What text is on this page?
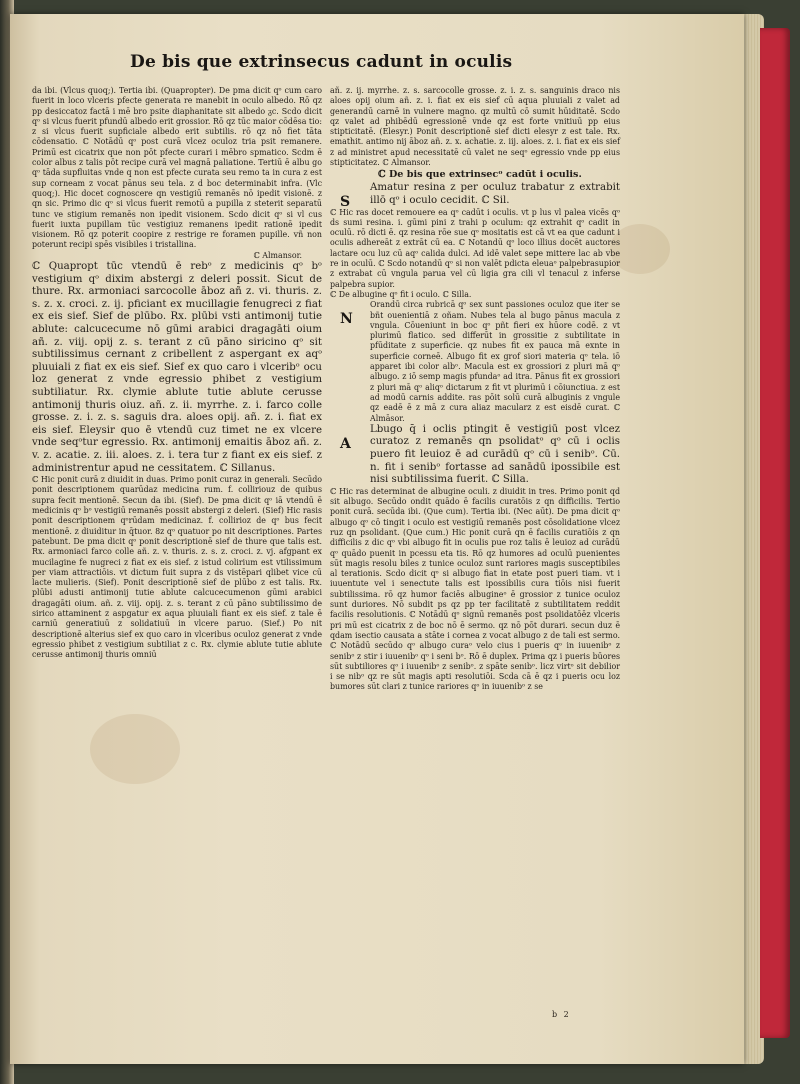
De bis que extrinsecus cadunt in oculis

da ibi. (Vlcus quoq;). Tertia ibi. (Quapropter). De pma dicit qᵒ cum caro fuerit in loco vlceris pfecte generata re manebit in oculo albedo. Rō qz pp desiccatoz factā i mē bro psite diaphanitate sit albedo ᵹc. Scdo dicit qᵒ si vlcus fuerit pfundū albedo erit grossior. Rō qz tūc maior cōdēsa tio: z si vlcus fuerit supficiale albedo erit subtilis. rō qz nō fiet tāta cōdensatio. ℂ Notādū qᵒ post curā vlcez oculoz tria psit remanere. Primū est cicatrix que non pōt pfecte curari i mēbro spmatico. Scdm ē color albus z talis pōt recipe curā vel magnā paliatione. Tertiū ē albu go qᵒ tāda supfluitas vnde q non est pfecte curata seu remo ta in cura z est sup corneam z vocat pānus seu tela. z d boc determinabit infra. (Vlc quoq;). Hic docet cognoscere qn vestigiū remanēs nō ipedit visionē. z qn sic. Primo dic qᵒ si vlcus fuerit remotū a pupilla z steterit separatū tunc ve stigium remanēs non ipedit visionem. Scdo dicit qᵒ si vl cus fuerit iuxta pupillam tūc vestigiuz remanens ipedit rationē ipedit visionem. Rō qz poterit coopire z restrige re foramen pupille. vñ non poterunt recipi spēs visibiles i tristallina.

ℂ Almansor.

ℂ Quapropt tūc vtendū ē rebᵒ z medicinis qᵒ bᵒ vestigium qᵒ dixim abstergi z deleri possit. Sicut de thure. Rx. armoniaci sarcocolle āboz añ z. vi. thuris. z. s. z. x. croci. z. ij. pficiant ex mucillagie fenugreci z fiat ex eis sief. Sief de plūbo. Rx. plūbi vsti antimonij tutie ablute: calcucecume nō gūmi arabici dragagāti oium añ. z. viij. opij z. s. terant z cū pāno siricino qᵒ sit subtilissimus cernant z cribellent z aspergant ex aqᵒ pluuiali z fiat ex eis sief. Sief ex quo caro i vlceribᵒ ocu loz generat z vnde egressio phibet z vestigium subtiliatur. Rx. clymie ablute tutie ablute cerusse antimonij thuris oiuz. añ. z. ii. myrrhe. z. i. farco colle grosse. z. i. z. s. saguis dra. aloes opij. añ. z. i. fiat ex eis sief. Eleysir quo ē vtendū cuz timet ne ex vlcere vnde seqᵒtur egressio. Rx. antimonij emaitis āboz añ. z. v. z. acatie. z. iii. aloes. z. i. tera tur z fiant ex eis sief. z administrentur apud ne cessitatem. ℂ Sillanus.

ℂ Hic ponit curā z diuidit in duas. Primo ponit curaz in generali. Secūdo ponit descriptionem quarūdaz medicina rum. f. colliriouz de quibus supra fecit mentionē. Secun da ibi. (Sief). De pma dicit qᵒ iā vtendū ē medicinis qᵒ bᵒ vestigiū remanēs possit abstergi z deleri. (Sief) Hic rasis ponit descriptionem qᵒrūdam medicinaz. f. collirioz de qᵒ bus fecit mentionē. z diuiditur in q̄tuor. 8z qᵒ quatuor po nit descriptiones. Partes patebunt. De pma dicit qᵒ ponit descriptionē sief de thure que talis est. Rx. armoniaci farco colle añ. z. v. thuris. z. s. z. croci. z. vj. afgpant ex mucilagine fe nugreci z fiat ex eis sief. z istud colirium est vtilissimum per viam attractiōis. vt dictum fuit supra z ds vistēpari qlibet vice cū lacte mulieris. (Sief). Ponit descriptionē sief de plūbo z est talis. Rx. plūbi adusti antimonij tutie ablute calcucecumenon gūmi arabici dragagāti oium. añ. z. viij. opij. z. s. terant z cū pāno subtilissimo de sirico attaminent z aspgatur ex aqua pluuiali fiant ex eis sief. z tale ē carniū generatiuū z solidatiuū in vlcere paruo. (Sief.) Po nit descriptionē alterius sief ex quo caro in vlceribus oculoz generat z vnde egressio phibet z vestigium subtiliat z c. Rx. clymie ablute tutie ablute cerusse antimonij thuris omniū

añ. z. ij. myrrhe. z. s. sarcocolle grosse. z. i. z. s. sanguinis draco nis aloes opij oium añ. z. i. fiat ex eis sief cū aqua pluuiali z valet ad generandū carnē in vulnere magno. qz multū cō sumit hūiditatē. Scdo qz valet ad phibēdū egressionē vnde qz est forte vnitiuū pp eius stipticitatē. (Elesyr.) Ponit descriptionē sief dicti elesyr z est tale. Rx. emathit. antimo nij āboz añ. z. x. achatie. z. iij. aloes. z. i. fiat ex eis sief z ad ministret apud necessitatē cū valet ne seqᵒ egressio vnde pp eius stipticitatez. ℂ Almansor.

ℂ De bis que extrinsecᵒ cadūt i oculis.

S
Amatur resina z per oculuz trabatur z extrabit illō qᵒ i oculo cecidit. ℂ Sil.

ℂ Hic ras docet remouere ea qᵒ cadūt i oculis. vt p lus vl palea vicēs qᵒ ds sumi resina. i. gūmi pini z trahi p oculum: qz extrahit qᵒ cadit in oculū. rō dicti ē. qz resina rōe sue qᵒ mositatis est cā vt ea que cadunt i oculis adhereāt z extrāt cū ea. ℂ Notandū qᵒ loco illius docēt auctores lactare ocu luz cū aqᵒ calida dulci. Ad idē valet sepe mittere lac ab vbe re in oculū. ℂ Scdo notandū qᵒ si non valēt pdicta eleuaᵒ palpebrasupior z extrabat cū vngula parua vel cū ligia gra cili vl tenacul z inferse palpebra supior.

ℂ De albugine qᵒ fit i oculo. ℂ Silla.

N
Orandū circa rubricā qᵒ sex sunt passiones oculoz que iter se bñt ouenientiā z oñam. Nubes tela al bugo pānus macula z vngula. Cōueniunt in boc qᵒ pñt fieri ex hūore codē. z vt plurimū flatico. sed differūt in grossitie z subtilitate in pfūditate z superficie. qz nubes fit ex pauca mā exnte in superficie corneē. Albugo fit ex grof siori materia qᵒ tela. iō apparet ibi color albᵒ. Macula est ex grossiori z pluri mā qᵒ albugo. z iō semp magis pfundaᵒ ad itra. Pānus fit ex grossiori z pluri mā qᵒ aliqᵒ dictarum z fit vt plurimū i cōiunctiua. z est ad modū carnis addite. ras pōit solū curā albuginis z vngule qz eadē ē z mā z cura aliaz macularz z est eisdē curat. ℂ Almāsor.
A
Lbugo q̄ i oclis ptingit ē vestigiū post vlcez curatoz z remanēs qn psolidatᵒ qᵒ cū i oclis puero fit leuioz ē ad curādū qᵒ cū i senibᵒ. Cū. n. fit i senibᵒ fortasse ad sanādū ipossibile est nisi subtilissima fuerit. ℂ Silla.

ℂ Hic ras determinat de albugine oculi. z diuidit in tres. Primo ponit qd sit albugo. Secūdo ondit quādo ē facilis curatōis z qn difficilis. Tertio ponit curā. secūda ibi. (Que cum). Tertia ibi. (Nec aūt). De pma dicit qᵒ albugo qᵒ cō tingit i oculo est vestigiū remanēs post cōsolidatione vlcez ruz qn psolidant. (Que cum.) Hic ponit curā qn ē facilis curatiōis z qn difficilis z dic qᵒ vbi albugo fit in oculis pue roz talis ē leuioz ad curādū qᵒ quādo puenit in pcessu eta tis. Rō qz humores ad oculū puenientes sūt magis resolu biles z tunice oculoz sunt rariores magis susceptibiles al terationis. Scdo dicit qᵒ si albugo fiat in etate post pueri tiam. vt i iuuentute vel i senectute talis est ipossibilis cura tiōis nisi fuerit subtilissima. rō qz humor faciēs albugineᵒ ē grossior z tunice oculoz sunt duriores. Nō subdit ps qz pp ter facilitatē z subtilitatem reddit facilis resolutionis. ℂ Notādū qᵒ signū remanēs post psolidatōēz vlceris pri mū est cicatrix z de boc nō ē sermo. qz nō pōt durari. secun duz ē qdam isectio causata a stāte i cornea z vocat albugo z de tali est sermo. ℂ Notādū secūdo qᵒ albugo curaᵒ velo cius i pueris qᵒ in iuuenibᵒ z senibᵒ z stir i iuuenibᵒ qᵒ i seni bᵒ. Rō ē duplex. Prima qz i pueris būores sūt subtiliores qᵒ i iuuenibᵒ z senibᵒ. z spāte senibᵒ. licz virtᵒ sit debilior i se nibᵒ qz re sūt magis apti resolutiōi. Scda cā ē qz i pueris ocu loz bumores sūt clari z tunice rariores qᵒ in iuuenibᵒ z se

b 2
